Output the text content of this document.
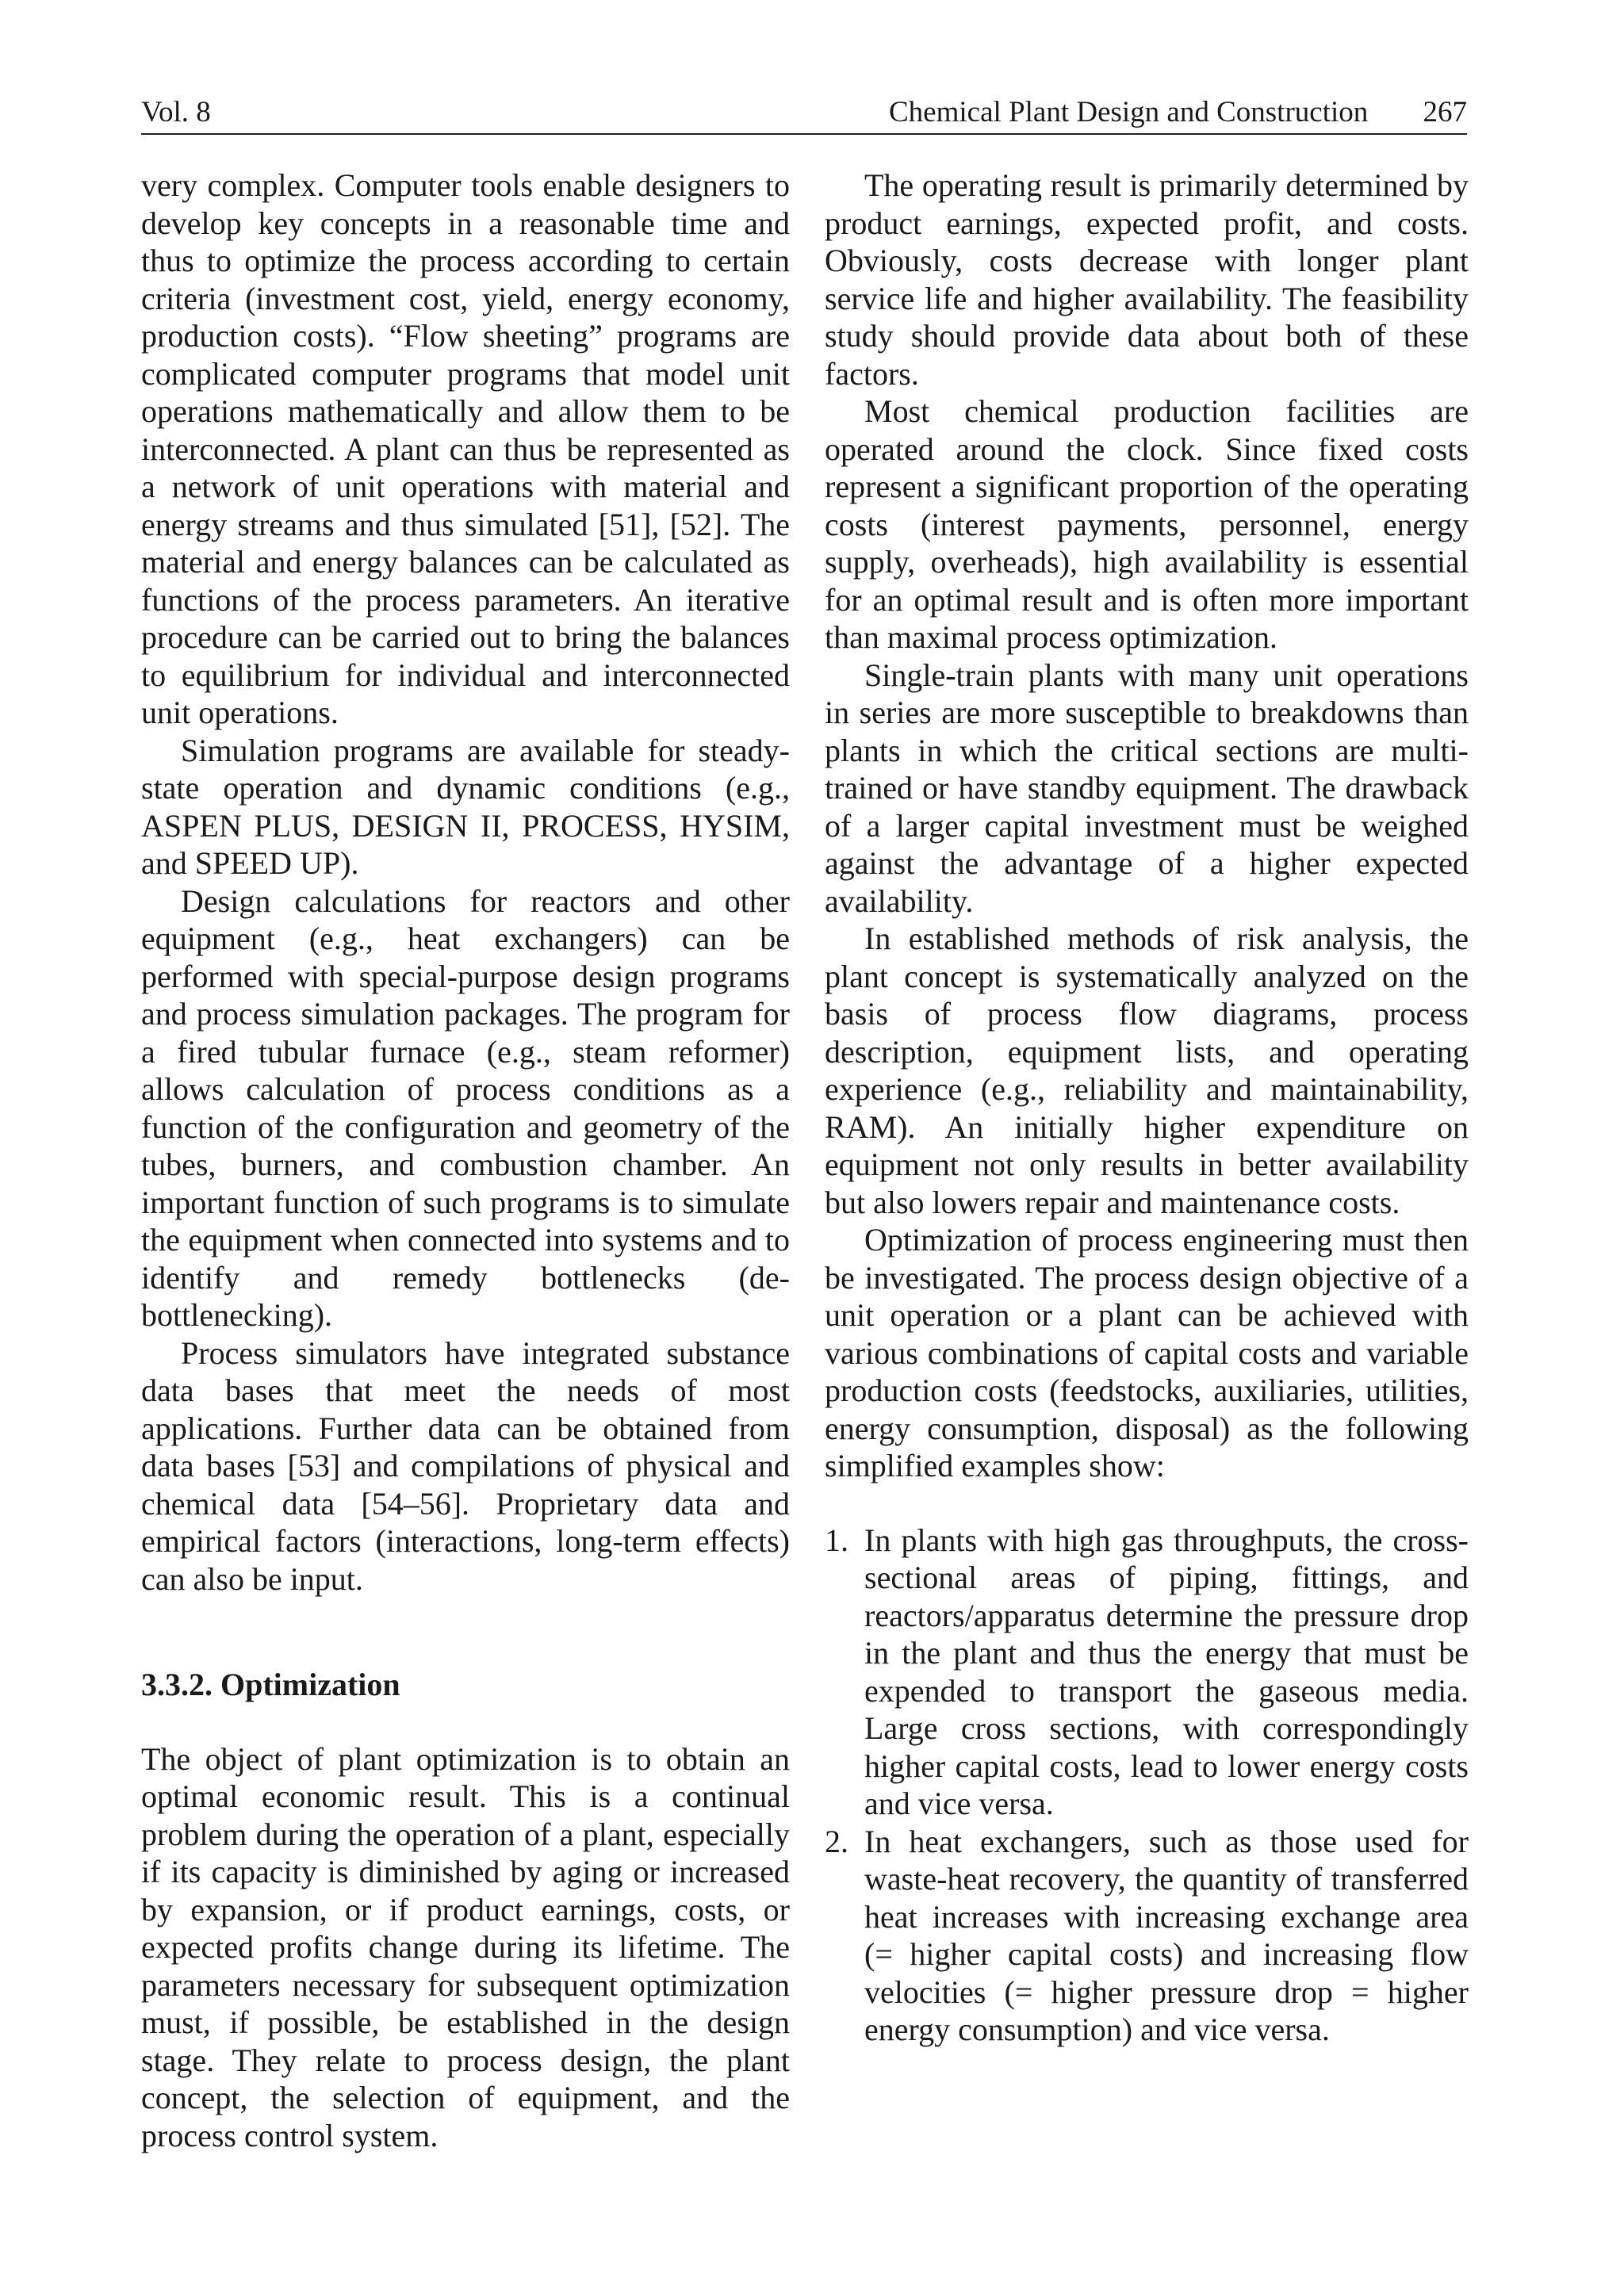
Vol. 8	Chemical Plant Design and Construction 267

very complex. Computer tools enable designers to develop key concepts in a reasonable time and thus to optimize the process according to certain criteria (investment cost, yield, energy economy, production costs). “Flow sheeting” programs are complicated computer programs that model unit operations mathematically and allow them to be interconnected. A plant can thus be represented as a network of unit operations with material and energy streams and thus simulated [51], [52]. The material and energy balances can be calculated as functions of the process parameters. An iterative procedure can be carried out to bring the balances to equilibrium for individual and interconnected unit operations.

Simulation programs are available for steady-state operation and dynamic conditions (e.g., ASPEN PLUS, DESIGN II, PROCESS, HYSIM, and SPEED UP).

Design calculations for reactors and other equipment (e.g., heat exchangers) can be performed with special-purpose design programs and process simulation packages. The program for a fired tubular furnace (e.g., steam reformer) allows calculation of process conditions as a function of the configuration and geometry of the tubes, burners, and combustion chamber. An important function of such programs is to simulate the equipment when connected into systems and to identify and remedy bottlenecks (de-bottlenecking).

Process simulators have integrated substance data bases that meet the needs of most applications. Further data can be obtained from data bases [53] and compilations of physical and chemical data [54–56]. Proprietary data and empirical factors (interactions, long-term effects) can also be input.

3.3.2. Optimization

The object of plant optimization is to obtain an optimal economic result. This is a continual problem during the operation of a plant, especially if its capacity is diminished by aging or increased by expansion, or if product earnings, costs, or expected profits change during its lifetime. The parameters necessary for subsequent optimization must, if possible, be established in the design stage. They relate to process design, the plant concept, the selection of equipment, and the process control system.

The operating result is primarily determined by product earnings, expected profit, and costs. Obviously, costs decrease with longer plant service life and higher availability. The feasibility study should provide data about both of these factors.

Most chemical production facilities are operated around the clock. Since fixed costs represent a significant proportion of the operating costs (interest payments, personnel, energy supply, overheads), high availability is essential for an optimal result and is often more important than maximal process optimization.

Single-train plants with many unit operations in series are more susceptible to breakdowns than plants in which the critical sections are multi-trained or have standby equipment. The drawback of a larger capital investment must be weighed against the advantage of a higher expected availability.

In established methods of risk analysis, the plant concept is systematically analyzed on the basis of process flow diagrams, process description, equipment lists, and operating experience (e.g., reliability and maintainability, RAM). An initially higher expenditure on equipment not only results in better availability but also lowers repair and maintenance costs.

Optimization of process engineering must then be investigated. The process design objective of a unit operation or a plant can be achieved with various combinations of capital costs and variable production costs (feedstocks, auxiliaries, utilities, energy consumption, disposal) as the following simplified examples show:

1. In plants with high gas throughputs, the cross-sectional areas of piping, fittings, and reactors/apparatus determine the pressure drop in the plant and thus the energy that must be expended to transport the gaseous media. Large cross sections, with correspondingly higher capital costs, lead to lower energy costs and vice versa.
2. In heat exchangers, such as those used for waste-heat recovery, the quantity of transferred heat increases with increasing exchange area (= higher capital costs) and increasing flow velocities (= higher pressure drop = higher energy consumption) and vice versa.
